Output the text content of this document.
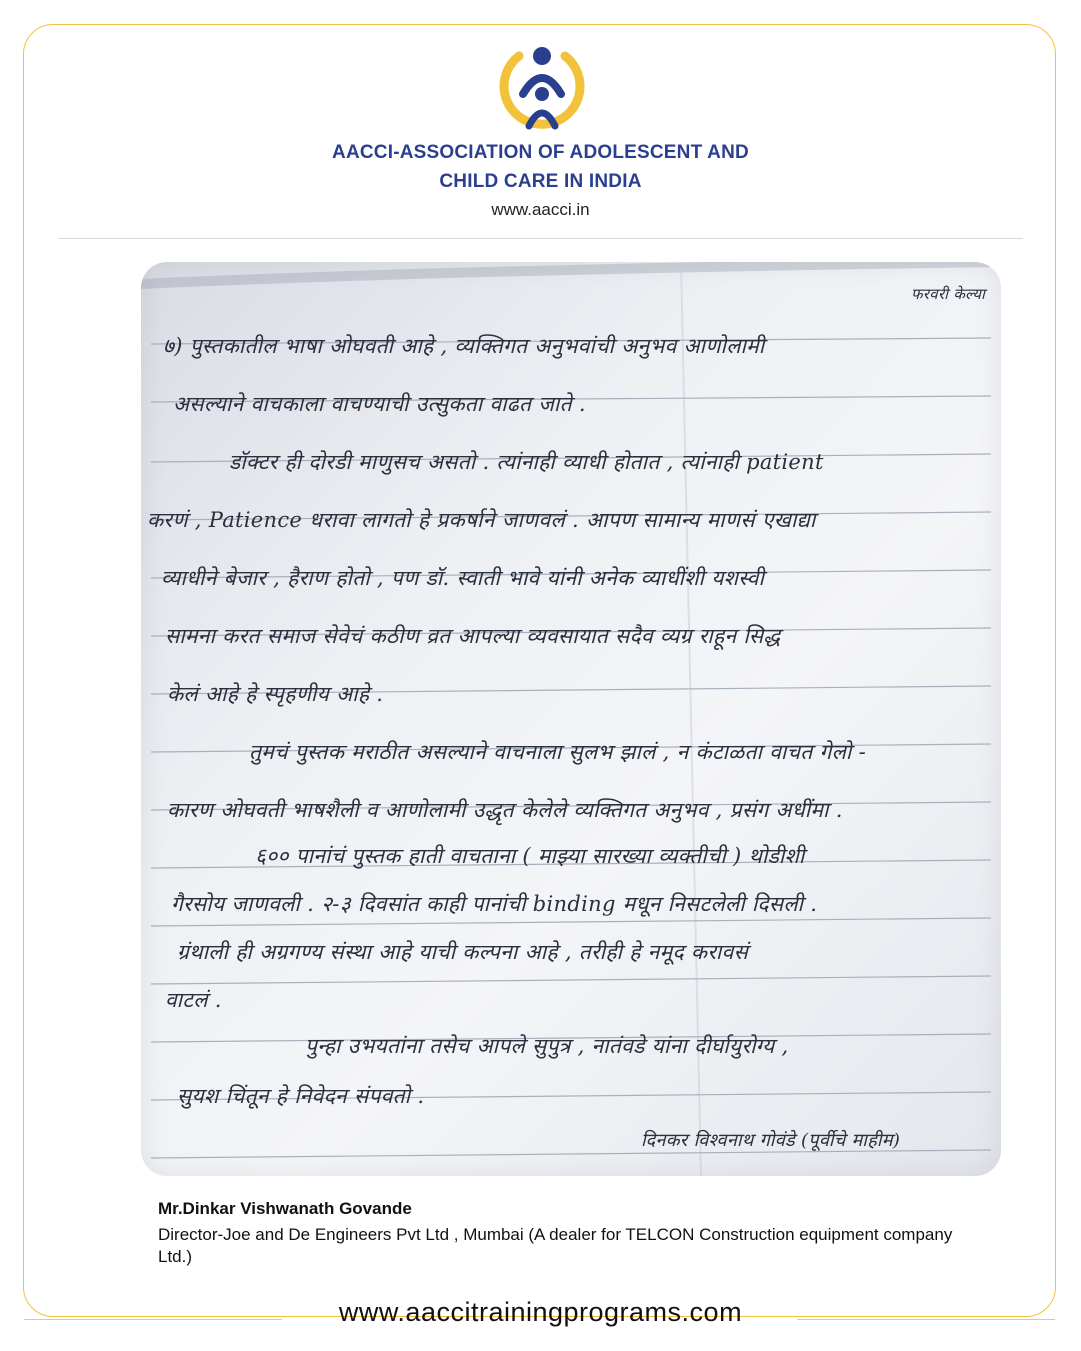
AACCI-ASSOCIATION OF ADOLESCENT AND
CHILD CARE IN INDIA
www.aacci.in
फरवरी केल्या
७) पुस्तकातील भाषा ओघवती आहे , व्यक्तिगत अनुभवांची अनुभव आणोलामी
असल्याने वाचकाला वाचण्याची उत्सुकता वाढत जाते .
डॉक्टर ही दोरडी माणुसच असतो . त्यांनाही व्याधी होतात , त्यांनाही patient
करणं , Patience धरावा लागतो हे प्रकर्षाने जाणवलं . आपण सामान्य माणसं एखाद्या
व्याधीने बेजार , हैराण होतो , पण डॉ. स्वाती भावे यांनी अनेक व्याधींशी यशस्वी
सामना करत समाज सेवेचं कठीण व्रत आपल्या व्यवसायात सदैव व्यग्र राहून सिद्ध
केलं आहे हे स्पृहणीय आहे .
तुमचं पुस्तक मराठीत असल्याने वाचनाला सुलभ झालं , न कंटाळता वाचत गेलो -
कारण ओघवती भाषशैली व आणोलामी उद्धृत केलेले व्यक्तिगत अनुभव , प्रसंग अधींमा .
६०० पानांचं पुस्तक हाती वाचताना ( माझ्या सारख्या व्यक्तीची ) थोडीशी
गैरसोय जाणवली . २-३ दिवसांत काही पानांची binding मधून निसटलेली दिसली .
ग्रंथाली ही अग्रगण्य संस्था आहे याची कल्पना आहे , तरीही हे नमूद करावसं
वाटलं .
पुन्हा उभयतांना तसेच आपले सुपुत्र , नातंवडे यांना दीर्घायुरोग्य ,
सुयश चिंतून हे निवेदन संपवतो .
दिनकर विश्वनाथ गोवंडे (पूर्वीचे माहीम)
Mr.Dinkar Vishwanath Govande
Director-Joe and De Engineers Pvt Ltd , Mumbai (A dealer for TELCON Construction equipment company Ltd.)
www.aaccitrainingprograms.com
